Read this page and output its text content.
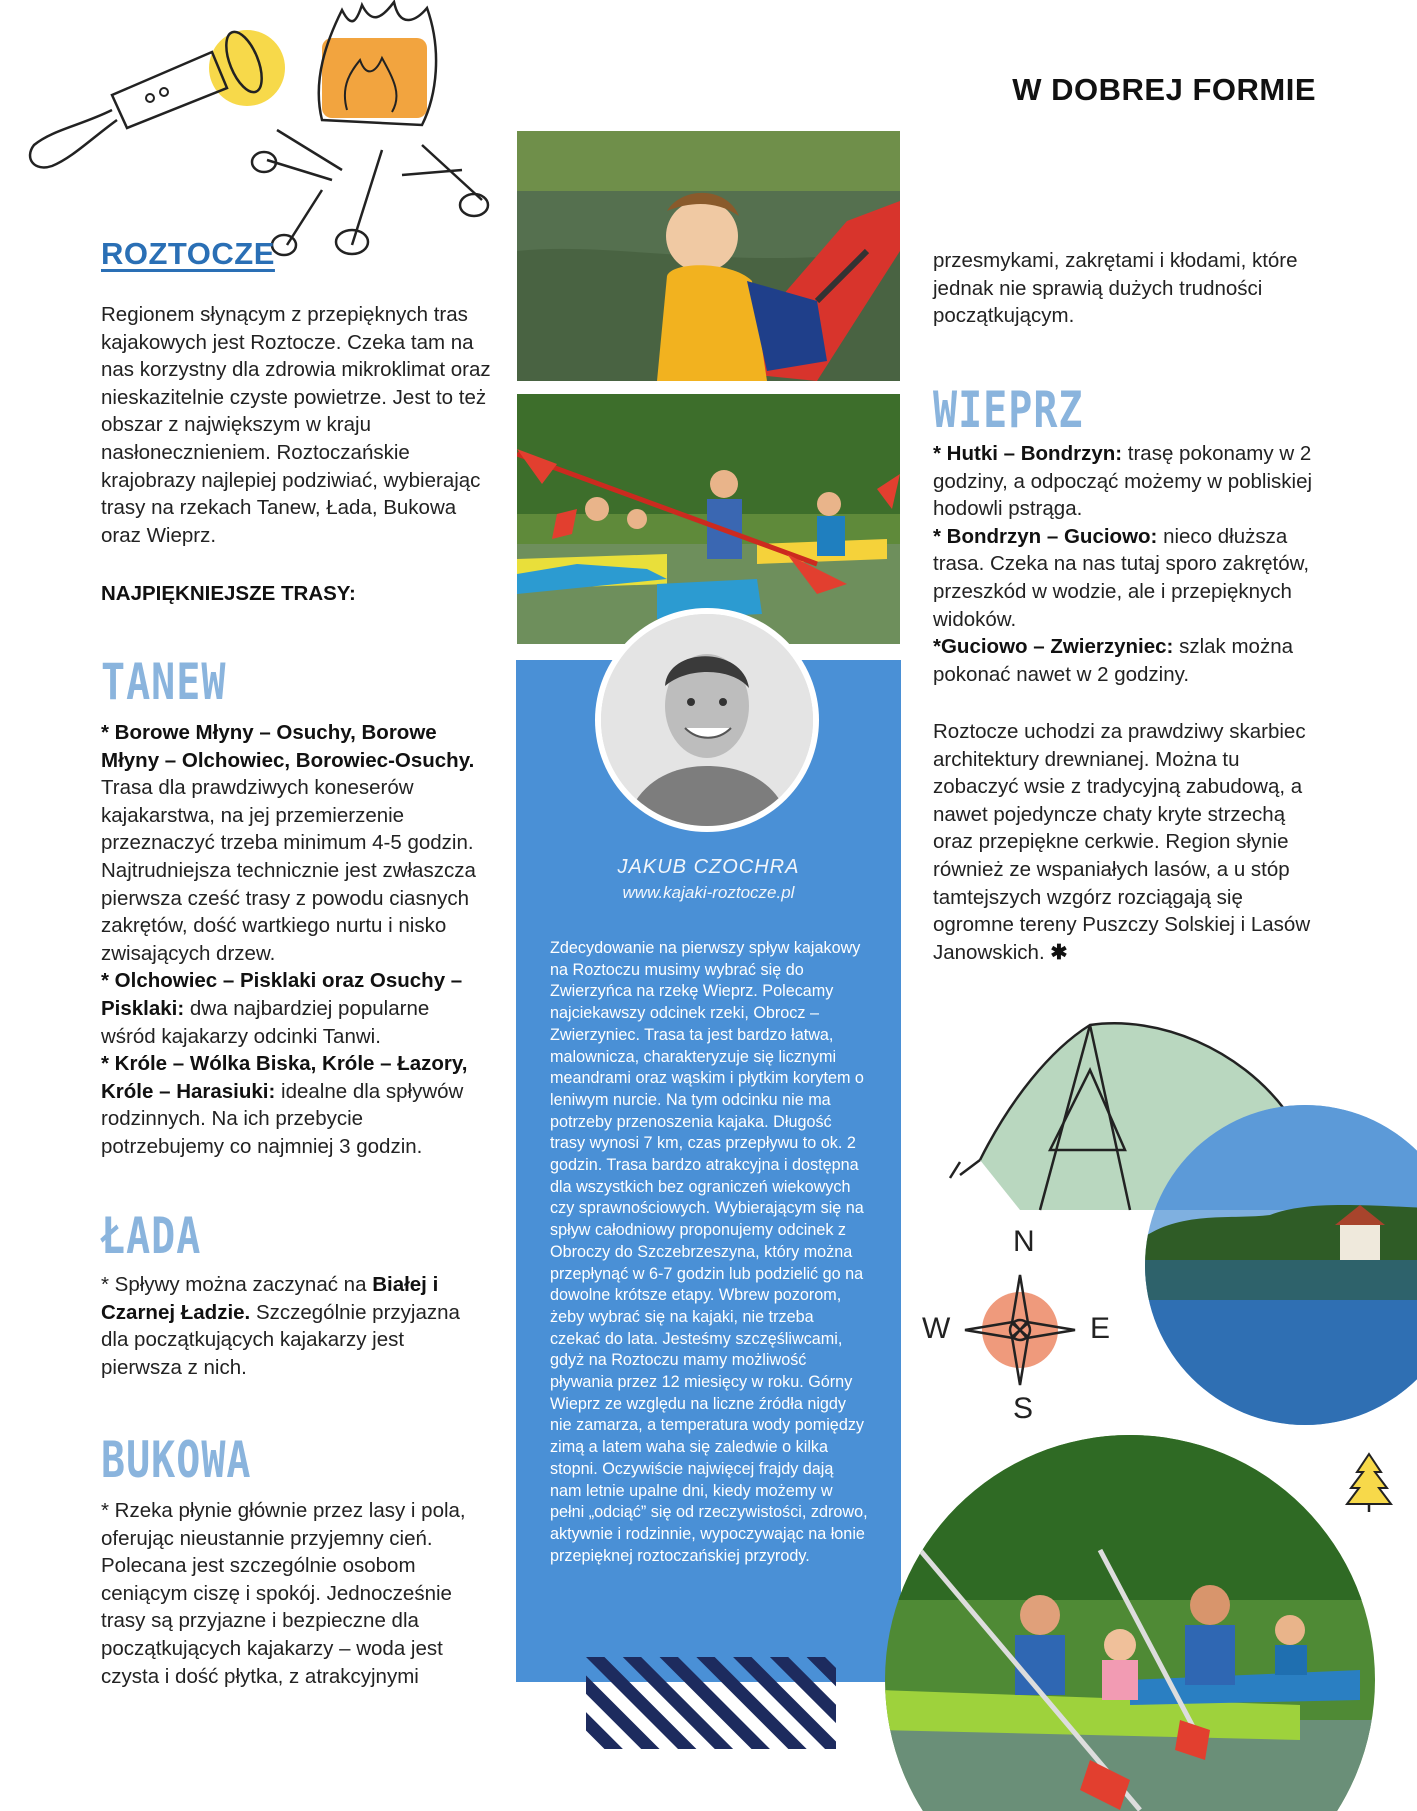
W DOBREJ FORMIE
ROZTOCZE
Regionem słynącym z przepięknych tras kajakowych jest Roztocze. Czeka tam na nas korzystny dla zdrowia mikroklimat oraz nieskazitelnie czyste powietrze. Jest to też obszar z największym w kraju nasłonecznieniem. Roztoczańskie krajobrazy najlepiej podziwiać, wybierając trasy na rzekach Tanew, Łada, Bukowa oraz Wieprz.
NAJPIĘKNIEJSZE TRASY:
TANEW
* Borowe Młyny – Osuchy, Borowe Młyny – Olchowiec, Borowiec-Osuchy. Trasa dla prawdziwych koneserów kajakarstwa, na jej przemierzenie przeznaczyć trzeba minimum 4-5 godzin. Najtrudniejsza technicznie jest zwłaszcza pierwsza cześć trasy z powodu ciasnych zakrętów, dość wartkiego nurtu i nisko zwisających drzew.
* Olchowiec – Pisklaki oraz Osuchy – Pisklaki: dwa najbardziej popularne wśród kajakarzy odcinki Tanwi.
* Króle – Wólka Biska, Króle – Łazory, Króle – Harasiuki: idealne dla spływów rodzinnych. Na ich przebycie potrzebujemy co najmniej 3 godzin.
ŁADA
* Spływy można zaczynać na Białej i Czarnej Ładzie. Szczególnie przyjazna dla początkujących kajakarzy jest pierwsza z nich.
BUKOWA
* Rzeka płynie głównie przez lasy i pola, oferując nieustannie przyjemny cień. Polecana jest szczególnie osobom ceniącym ciszę i spokój. Jednocześnie trasy są przyjazne i bezpieczne dla początkujących kajakarzy – woda jest czysta i dość płytka, z atrakcyjnymi
JAKUB CZOCHRA
www.kajaki-roztocze.pl
Zdecydowanie na pierwszy spływ kajakowy na Roztoczu musimy wybrać się do Zwierzyńca na rzekę Wieprz. Polecamy najciekawszy odcinek rzeki, Obrocz – Zwierzyniec. Trasa ta jest bardzo łatwa, malownicza, charakteryzuje się licznymi meandrami oraz wąskim i płytkim korytem o leniwym nurcie. Na tym odcinku nie ma potrzeby przenoszenia kajaka. Długość trasy wynosi 7 km, czas przepływu to ok. 2 godzin. Trasa bardzo atrakcyjna i dostępna dla wszystkich bez ograniczeń wiekowych czy sprawnościowych. Wybierającym się na spływ całodniowy proponujemy odcinek z Obroczy do Szczebrzeszyna, który można przepłynąć w 6-7 godzin lub podzielić go na dowolne krótsze etapy. Wbrew pozorom, żeby wybrać się na kajaki, nie trzeba czekać do lata. Jesteśmy szczęśliwcami, gdyż na Roztoczu mamy możliwość pływania przez 12 miesięcy w roku. Górny Wieprz ze względu na liczne źródła nigdy nie zamarza, a temperatura wody pomiędzy zimą a latem waha się zaledwie o kilka stopni. Oczywiście najwięcej frajdy dają nam letnie upalne dni, kiedy możemy w pełni „odciąć” się od rzeczywistości, zdrowo, aktywnie i rodzinnie, wypoczywając na łonie przepięknej roztoczańskiej przyrody.
przesmykami, zakrętami i kłodami, które jednak nie sprawią dużych trudności początkującym.
WIEPRZ
* Hutki – Bondrzyn: trasę pokonamy w 2 godziny, a odpocząć możemy w pobliskiej hodowli pstrąga.
* Bondrzyn – Guciowo: nieco dłuższa trasa. Czeka na nas tutaj sporo zakrętów, przeszkód w wodzie, ale i przepięknych widoków.
*Guciowo – Zwierzyniec: szlak można pokonać nawet w 2 godziny.
Roztocze uchodzi za prawdziwy skarbiec architektury drewnianej. Można tu zobaczyć wsie z tradycyjną zabudową, a nawet pojedyncze chaty kryte strzechą oraz przepiękne cerkwie. Region słynie również ze wspaniałych lasów, a u stóp tamtejszych wzgórz rozciągają się ogromne tereny Puszczy Solskiej i Lasów Janowskich. ✱
N
S
E
W
